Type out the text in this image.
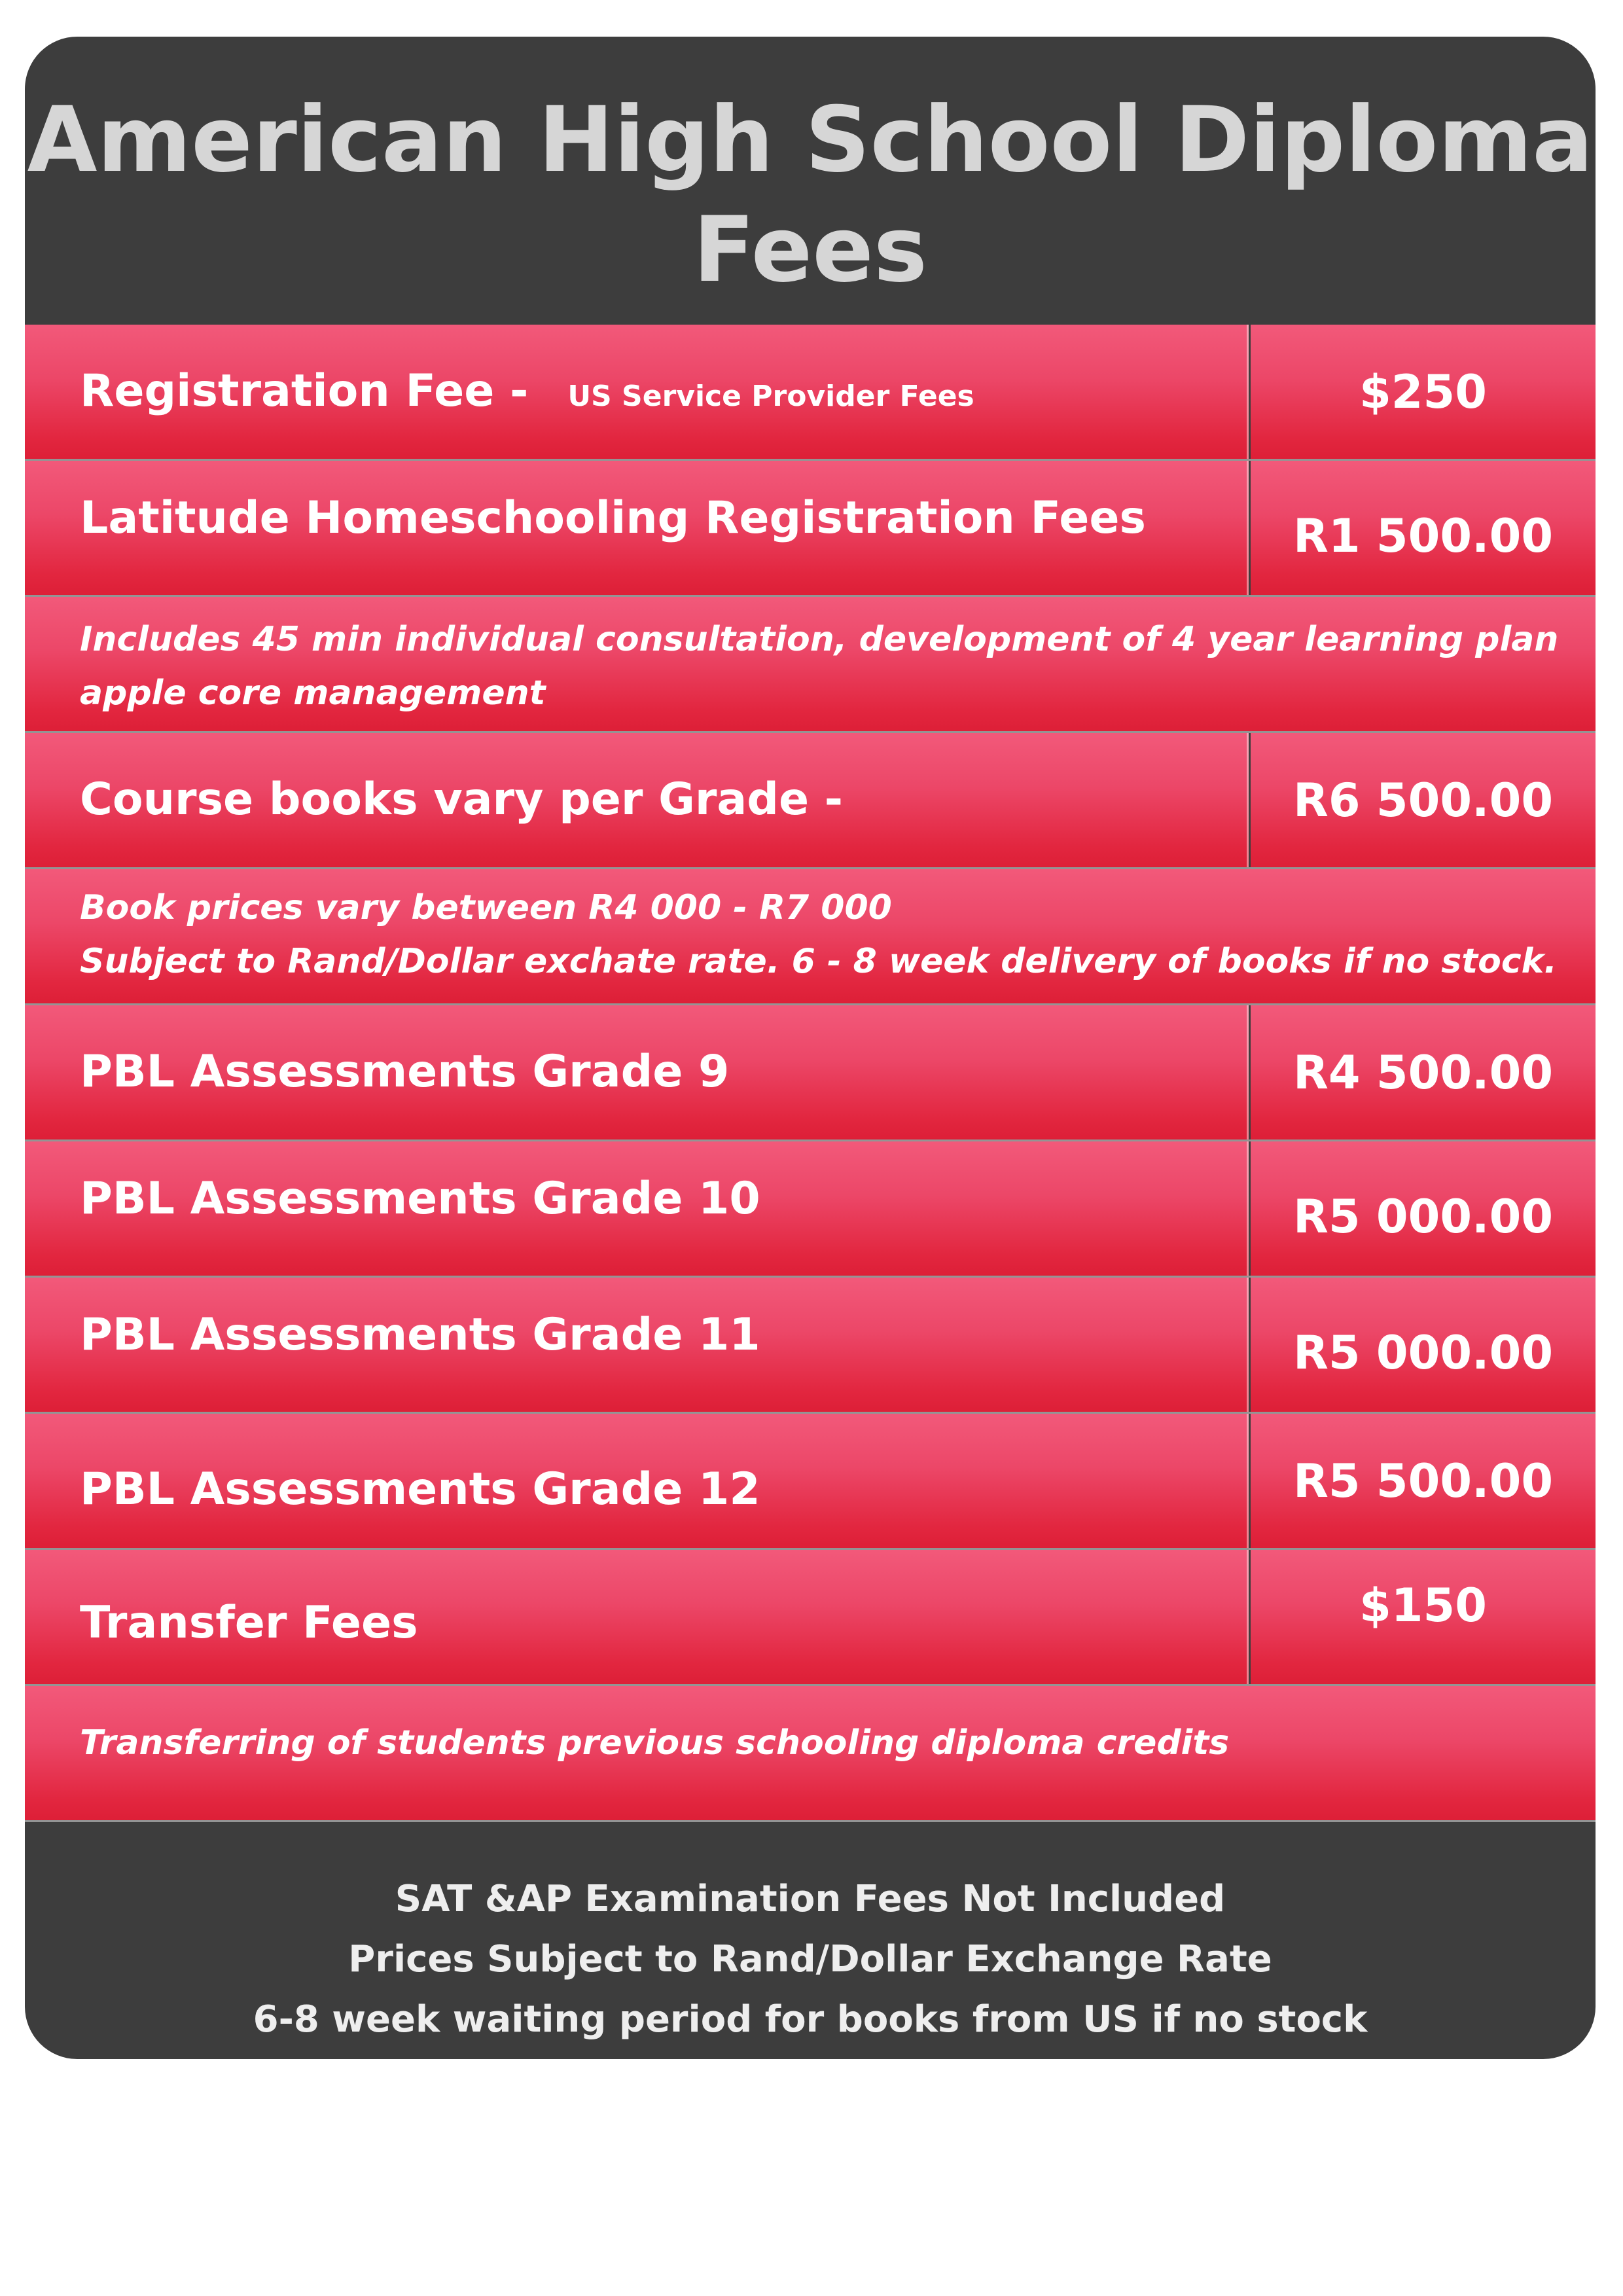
American High School Diploma
Fees
Registration Fee - US Service Provider Fees	$250
Latitude Homeschooling Registration Fees	R1 500.00
Includes 45 min individual consultation, development of 4 year learning plan
apple core management
Course books vary per Grade -	R6 500.00
Book prices vary between R4 000 - R7 000
Subject to Rand/Dollar exchate rate. 6 - 8 week delivery of books if no stock.
PBL Assessments Grade 9	R4 500.00
PBL Assessments Grade 10	R5 000.00
PBL Assessments Grade 11	R5 000.00
PBL Assessments Grade 12	R5 500.00
Transfer Fees	$150
Transferring of students previous schooling diploma credits
SAT &AP Examination Fees Not Included
Prices Subject to Rand/Dollar Exchange Rate
6-8 week waiting period for books from US if no stock
